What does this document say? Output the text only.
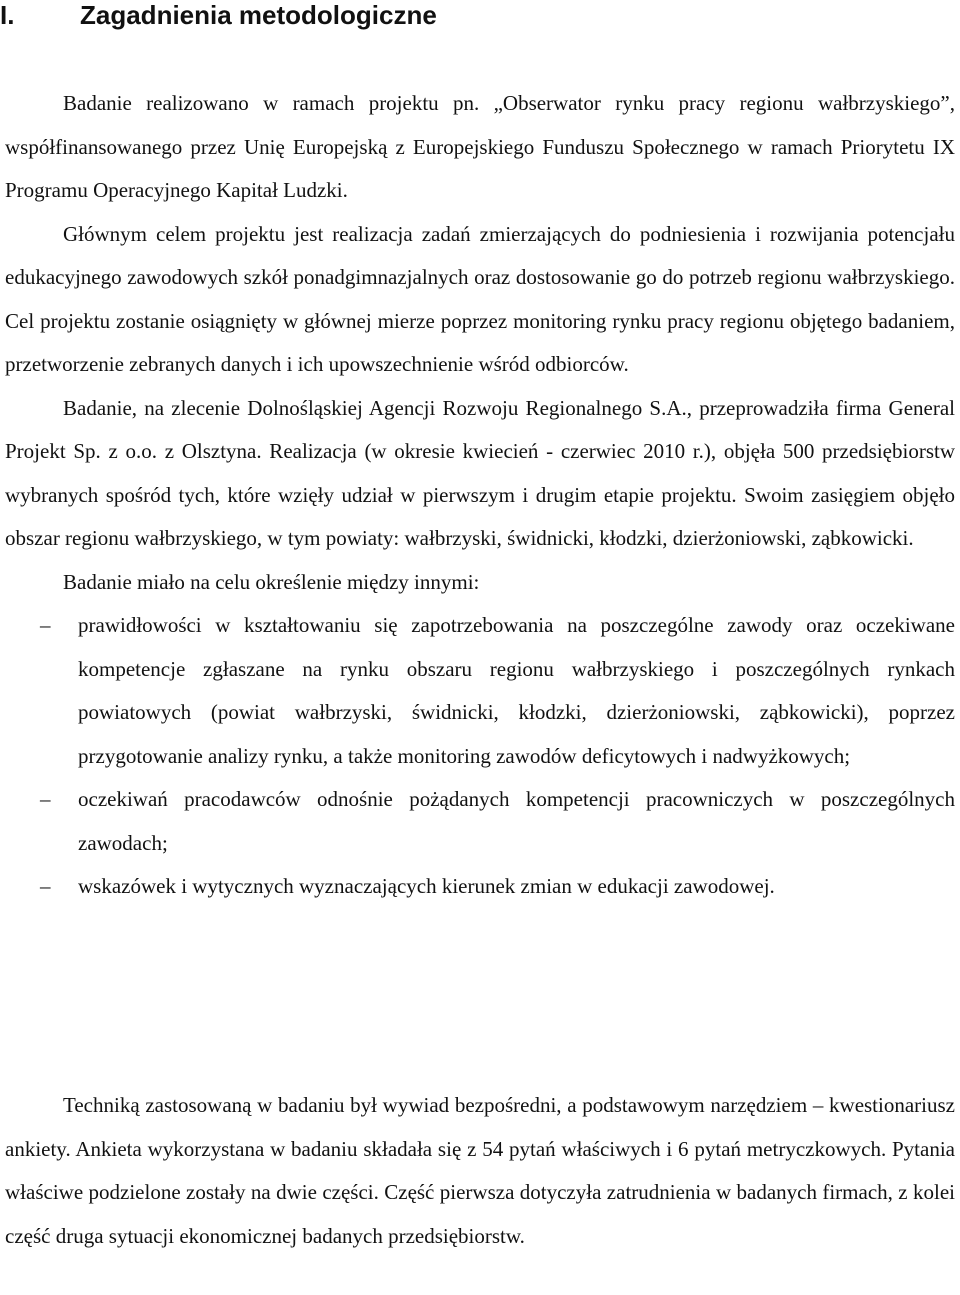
I.	Zagadnienia metodologiczne

Badanie realizowano w ramach projektu pn. „Obserwator rynku pracy regionu wałbrzyskiego”, współfinansowanego przez Unię Europejską z Europejskiego Funduszu Społecznego w ramach Priorytetu IX Programu Operacyjnego Kapitał Ludzki.

Głównym celem projektu jest realizacja zadań zmierzających do podniesienia i rozwijania potencjału edukacyjnego zawodowych szkół ponadgimnazjalnych oraz dostosowanie go do potrzeb regionu wałbrzyskiego. Cel projektu zostanie osiągnięty w głównej mierze poprzez monitoring rynku pracy regionu objętego badaniem, przetworzenie zebranych danych i ich upowszechnienie wśród odbiorców.

Badanie, na zlecenie Dolnośląskiej Agencji Rozwoju Regionalnego S.A., przeprowadziła firma General Projekt Sp. z o.o. z Olsztyna. Realizacja (w okresie kwiecień - czerwiec 2010 r.), objęła 500 przedsiębiorstw wybranych spośród tych, które wzięły udział w pierwszym i drugim etapie projektu. Swoim zasięgiem objęło obszar regionu wałbrzyskiego, w tym powiaty: wałbrzyski, świdnicki, kłodzki, dzierżoniowski, ząbkowicki.

Badanie miało na celu określenie między innymi:

– prawidłowości w kształtowaniu się zapotrzebowania na poszczególne zawody oraz oczekiwane kompetencje zgłaszane na rynku obszaru regionu wałbrzyskiego i poszczególnych rynkach powiatowych (powiat wałbrzyski, świdnicki, kłodzki, dzierżoniowski, ząbkowicki), poprzez przygotowanie analizy rynku, a także monitoring zawodów deficytowych i nadwyżkowych;
– oczekiwań pracodawców odnośnie pożądanych kompetencji pracowniczych w poszczególnych zawodach;
– wskazówek i wytycznych wyznaczających kierunek zmian w edukacji zawodowej.

Techniką zastosowaną w badaniu był wywiad bezpośredni, a podstawowym narzędziem – kwestionariusz ankiety. Ankieta wykorzystana w badaniu składała się z 54 pytań właściwych i 6 pytań metryczkowych. Pytania właściwe podzielone zostały na dwie części. Część pierwsza dotyczyła zatrudnienia w badanych firmach, z kolei część druga sytuacji ekonomicznej badanych przedsiębiorstw.
